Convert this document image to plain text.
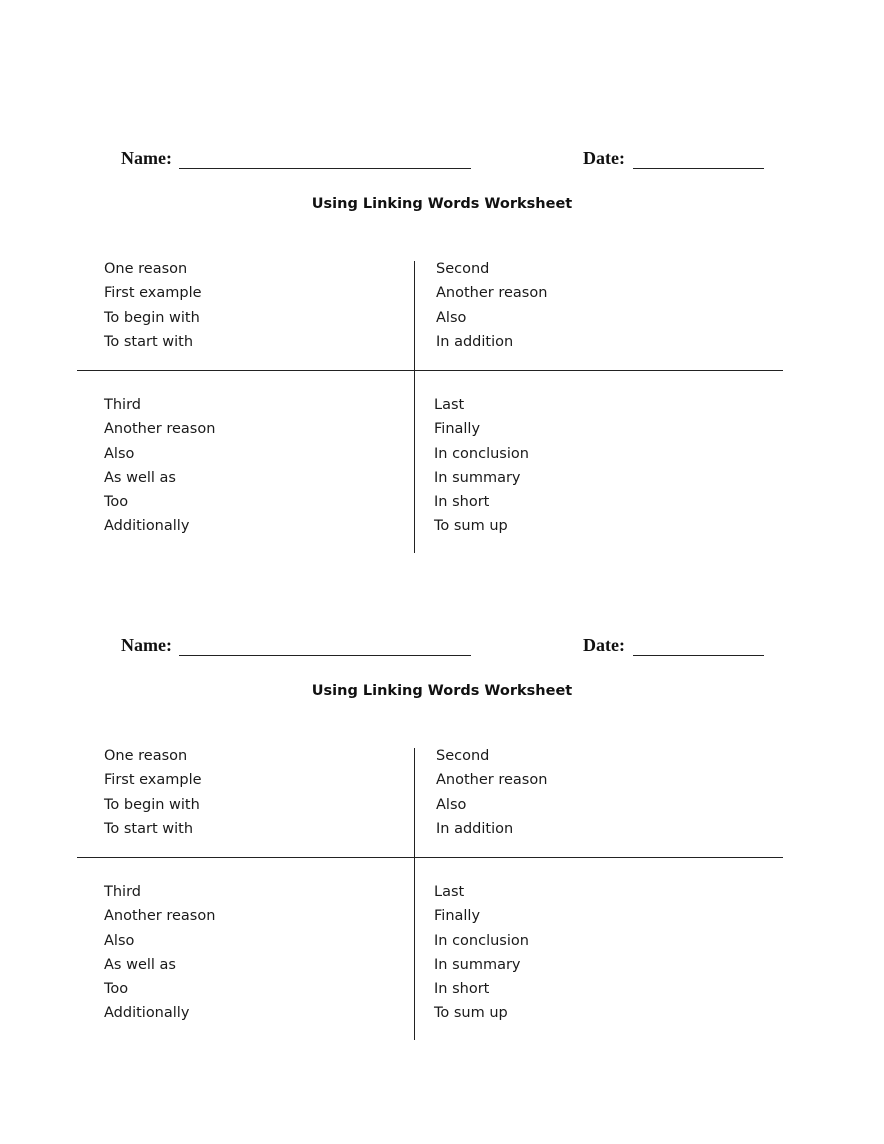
Name:	Date:
Using Linking Words Worksheet
One reason
First example
To begin with
To start with
Second
Another reason
Also
In addition
Third
Another reason
Also
As well as
Too
Additionally
Last
Finally
In conclusion
In summary
In short
To sum up
Name:	Date:
Using Linking Words Worksheet
One reason
First example
To begin with
To start with
Second
Another reason
Also
In addition
Third
Another reason
Also
As well as
Too
Additionally
Last
Finally
In conclusion
In summary
In short
To sum up
